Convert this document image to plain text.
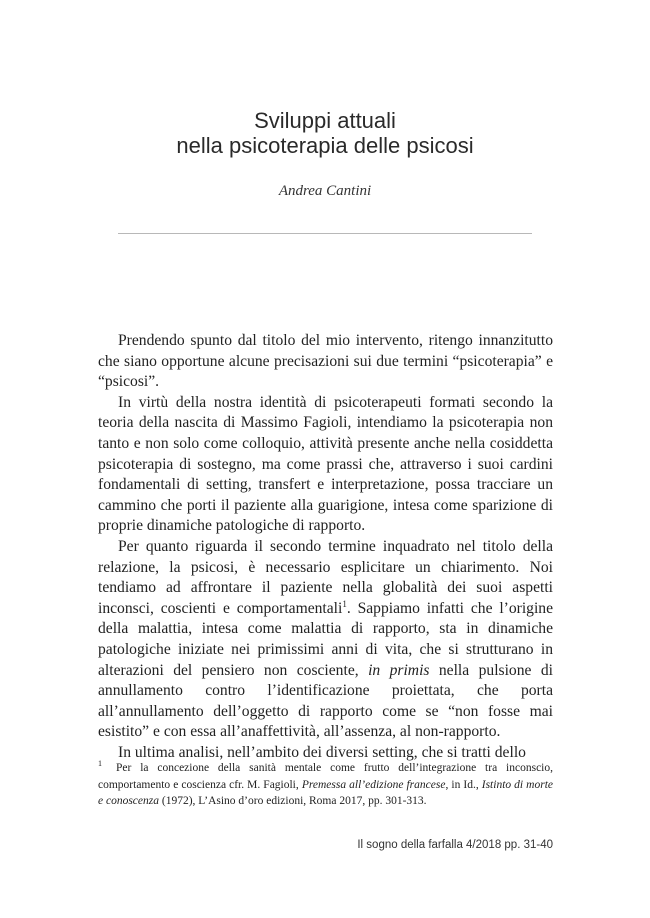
Sviluppi attuali
nella psicoterapia delle psicosi
Andrea Cantini

Prendendo spunto dal titolo del mio intervento, ritengo innanzitutto che siano opportune alcune precisazioni sui due termini “psicoterapia” e “psicosi”.

In virtù della nostra identità di psicoterapeuti formati secondo la teoria della nascita di Massimo Fagioli, intendiamo la psicoterapia non tanto e non solo come colloquio, attività presente anche nella cosiddetta psicoterapia di sostegno, ma come prassi che, attraverso i suoi cardini fondamentali di setting, transfert e interpretazione, possa tracciare un cammino che porti il paziente alla guarigione, intesa come sparizione di proprie dinamiche patologiche di rapporto.

Per quanto riguarda il secondo termine inquadrato nel titolo della relazione, la psicosi, è necessario esplicitare un chiarimento. Noi tendiamo ad affrontare il paziente nella globalità dei suoi aspetti inconsci, coscienti e comportamentali$^1$. Sappiamo infatti che l’origine della malattia, intesa come malattia di rapporto, sta in dinamiche patologiche iniziate nei primissimi anni di vita, che si strutturano in alterazioni del pensiero non cosciente, in primis nella pulsione di annullamento contro l’identificazione proiettata, che porta all’annullamento dell’oggetto di rapporto come se “non fosse mai esistito” e con essa all’anaffettività, all’assenza, al non-rapporto.

In ultima analisi, nell’ambito dei diversi setting, che si tratti dello

$^1$ Per la concezione della sanità mentale come frutto dell’integrazione tra inconscio, comportamento e coscienza cfr. M. Fagioli, Premessa all’edizione francese, in Id., Istinto di morte e conoscenza (1972), L’Asino d’oro edizioni, Roma 2017, pp. 301-313.
Il sogno della farfalla 4/2018 pp. 31-40
